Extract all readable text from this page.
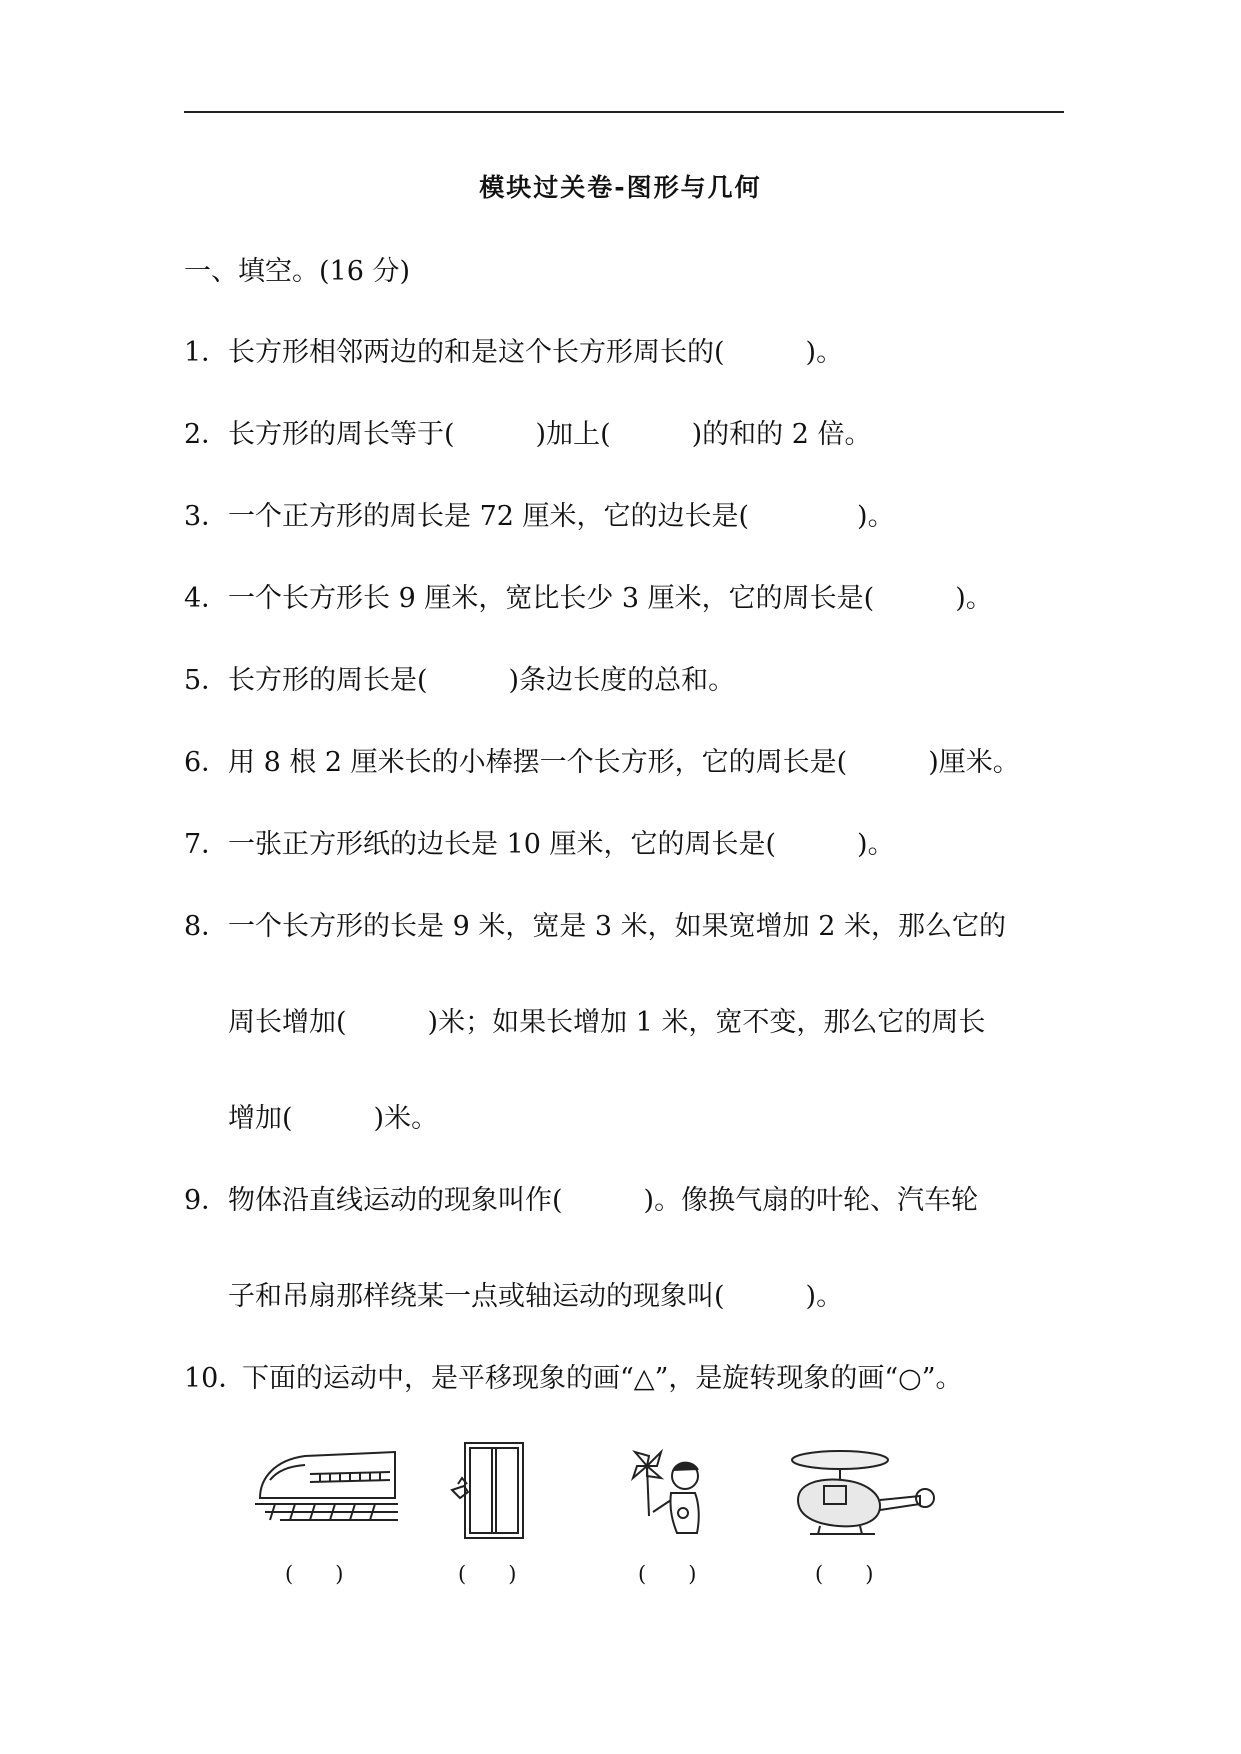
模块过关卷-图形与几何
一、填空。(16 分)
1．长方形相邻两边的和是这个长方形周长的(　　　)。
2．长方形的周长等于(　　　)加上(　　　)的和的 2 倍。
3．一个正方形的周长是 72 厘米，它的边长是(　　　　)。
4．一个长方形长 9 厘米，宽比长少 3 厘米，它的周长是(　　　)。
5．长方形的周长是(　　　)条边长度的总和。
6．用 8 根 2 厘米长的小棒摆一个长方形，它的周长是(　　　)厘米。
7．一张正方形纸的边长是 10 厘米，它的周长是(　　　)。
8．一个长方形的长是 9 米，宽是 3 米，如果宽增加 2 米，那么它的
周长增加(　　　)米；如果长增加 1 米，宽不变，那么它的周长
增加(　　　)米。
9．物体沿直线运动的现象叫作(　　　)。像换气扇的叶轮、汽车轮
子和吊扇那样绕某一点或轴运动的现象叫(　　　)。
10．下面的运动中，是平移现象的画“△”，是旋转现象的画“○”。
(　　)	(　　)	(　　)	(　　)
